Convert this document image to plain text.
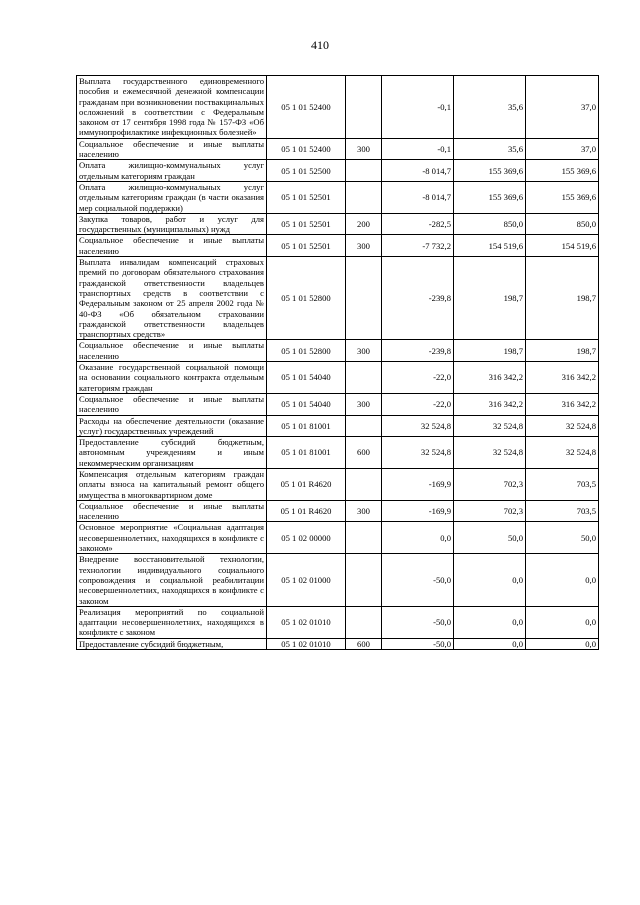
410
Выплата государственного единовременного пособия и ежемесячной денежной компенсации гражданам при возникновении поствакцинальных осложнений в соответствии с Федеральным законом от 17 сентября 1998 года № 157-ФЗ «Об иммунопрофилактике инфекционных болезней»	05 1 01 52400		-0,1	35,6	37,0
Социальное обеспечение и иные выплаты населению	05 1 01 52400	300	-0,1	35,6	37,0
Оплата жилищно-коммунальных услуг отдельным категориям граждан	05 1 01 52500		-8 014,7	155 369,6	155 369,6
Оплата жилищно-коммунальных услуг отдельным категориям граждан (в части оказания мер социальной поддержки)	05 1 01 52501		-8 014,7	155 369,6	155 369,6
Закупка товаров, работ и услуг для государственных (муниципальных) нужд	05 1 01 52501	200	-282,5	850,0	850,0
Социальное обеспечение и иные выплаты населению	05 1 01 52501	300	-7 732,2	154 519,6	154 519,6
Выплата инвалидам компенсаций страховых премий по договорам обязательного страхования гражданской ответственности владельцев транспортных средств в соответствии с Федеральным законом от 25 апреля 2002 года № 40-ФЗ «Об обязательном страховании гражданской ответственности владельцев транспортных средств»	05 1 01 52800		-239,8	198,7	198,7
Социальное обеспечение и иные выплаты населению	05 1 01 52800	300	-239,8	198,7	198,7
Оказание государственной социальной помощи на основании социального контракта отдельным категориям граждан	05 1 01 54040		-22,0	316 342,2	316 342,2
Социальное обеспечение и иные выплаты населению	05 1 01 54040	300	-22,0	316 342,2	316 342,2
Расходы на обеспечение деятельности (оказание услуг) государственных учреждений	05 1 01 81001		32 524,8	32 524,8	32 524,8
Предоставление субсидий бюджетным, автономным учреждениям и иным некоммерческим организациям	05 1 01 81001	600	32 524,8	32 524,8	32 524,8
Компенсация отдельным категориям граждан оплаты взноса на капитальный ремонт общего имущества в многоквартирном доме	05 1 01 R4620		-169,9	702,3	703,5
Социальное обеспечение и иные выплаты населению	05 1 01 R4620	300	-169,9	702,3	703,5
Основное мероприятие «Социальная адаптация несовершеннолетних, находящихся в конфликте с законом»	05 1 02 00000		0,0	50,0	50,0
Внедрение восстановительной технологии, технологии индивидуального социального сопровождения и социальной реабилитации несовершеннолетних, находящихся в конфликте с законом	05 1 02 01000		-50,0	0,0	0,0
Реализация мероприятий по социальной адаптации несовершеннолетних, находящихся в конфликте с законом	05 1 02 01010		-50,0	0,0	0,0
Предоставление субсидий бюджетным,	05 1 02 01010	600	-50,0	0,0	0,0
